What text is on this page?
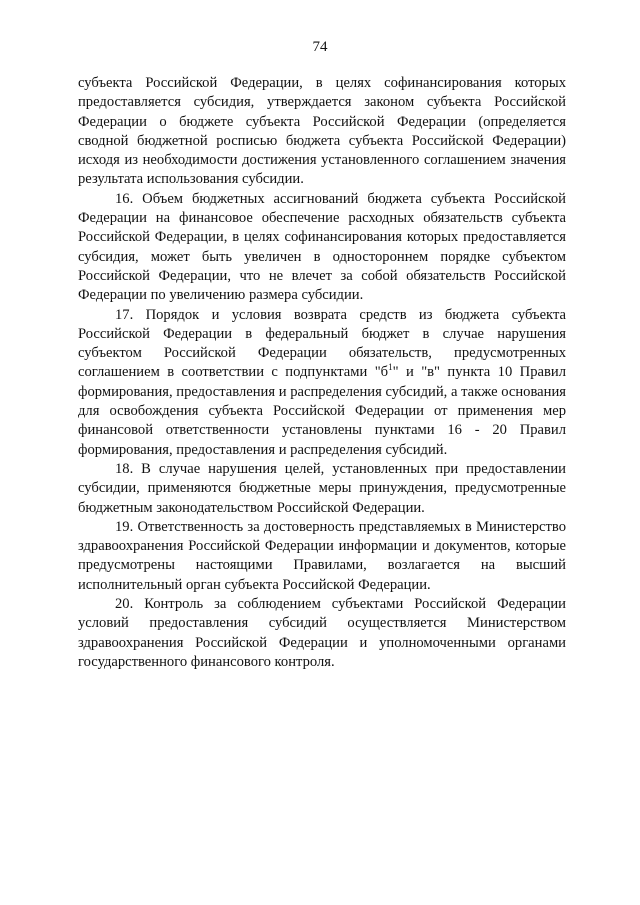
74

субъекта Российской Федерации, в целях софинансирования которых предоставляется субсидия, утверждается законом субъекта Российской Федерации о бюджете субъекта Российской Федерации (определяется сводной бюджетной росписью бюджета субъекта Российской Федерации) исходя из необходимости достижения установленного соглашением значения результата использования субсидии.

16. Объем бюджетных ассигнований бюджета субъекта Российской Федерации на финансовое обеспечение расходных обязательств субъекта Российской Федерации, в целях софинансирования которых предоставляется субсидия, может быть увеличен в одностороннем порядке субъектом Российской Федерации, что не влечет за собой обязательств Российской Федерации по увеличению размера субсидии.

17. Порядок и условия возврата средств из бюджета субъекта Российской Федерации в федеральный бюджет в случае нарушения субъектом Российской Федерации обязательств, предусмотренных соглашением в соответствии с подпунктами "$б^1$" и "в" пункта 10 Правил формирования, предоставления и распределения субсидий, а также основания для освобождения субъекта Российской Федерации от применения мер финансовой ответственности установлены пунктами 16 - 20 Правил формирования, предоставления и распределения субсидий.

18. В случае нарушения целей, установленных при предоставлении субсидии, применяются бюджетные меры принуждения, предусмотренные бюджетным законодательством Российской Федерации.

19. Ответственность за достоверность представляемых в Министерство здравоохранения Российской Федерации информации и документов, которые предусмотрены настоящими Правилами, возлагается на высший исполнительный орган субъекта Российской Федерации.

20. Контроль за соблюдением субъектами Российской Федерации условий предоставления субсидий осуществляется Министерством здравоохранения Российской Федерации и уполномоченными органами государственного финансового контроля.
